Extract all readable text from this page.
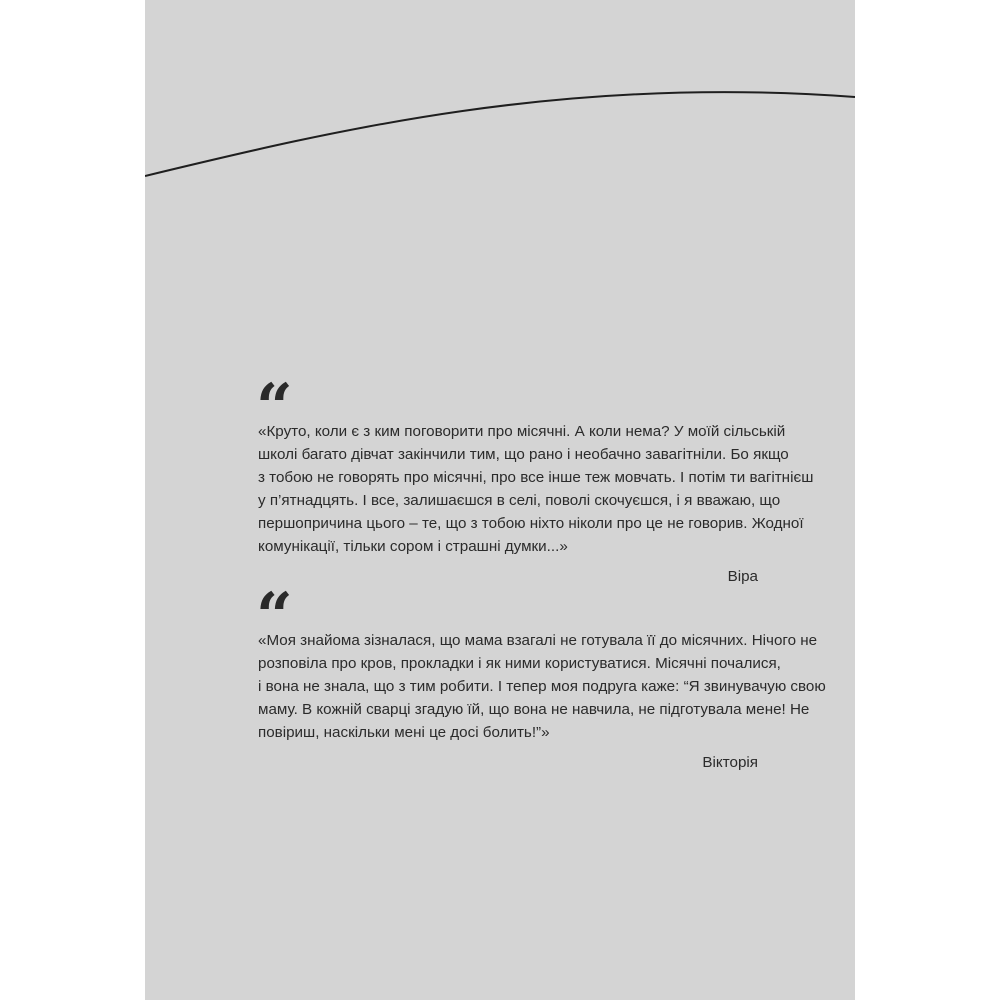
“
«Круто, коли є з ким поговорити про місячні. А коли нема? У моїй сільській
школі багато дівчат закінчили тим, що рано і необачно завагітніли. Бо якщо
з тобою не говорять про місячні, про все інше теж мовчать. І потім ти вагітнієш
у п’ятнадцять. І все, залишаєшся в селі, поволі скочуєшся, і я вважаю, що
першопричина цього – те, що з тобою ніхто ніколи про це не говорив. Жодної
комунікації, тільки сором і страшні думки...»
Віра
“
«Моя знайома зізналася, що мама взагалі не готувала її до місячних. Нічого не
розповіла про кров, прокладки і як ними користуватися. Місячні почалися,
і вона не знала, що з тим робити. І тепер моя подруга каже: “Я звинувачую свою
маму. В кожній сварці згадую їй, що вона не навчила, не підготувала мене! Не
повіриш, наскільки мені це досі болить!”»
Вікторія
